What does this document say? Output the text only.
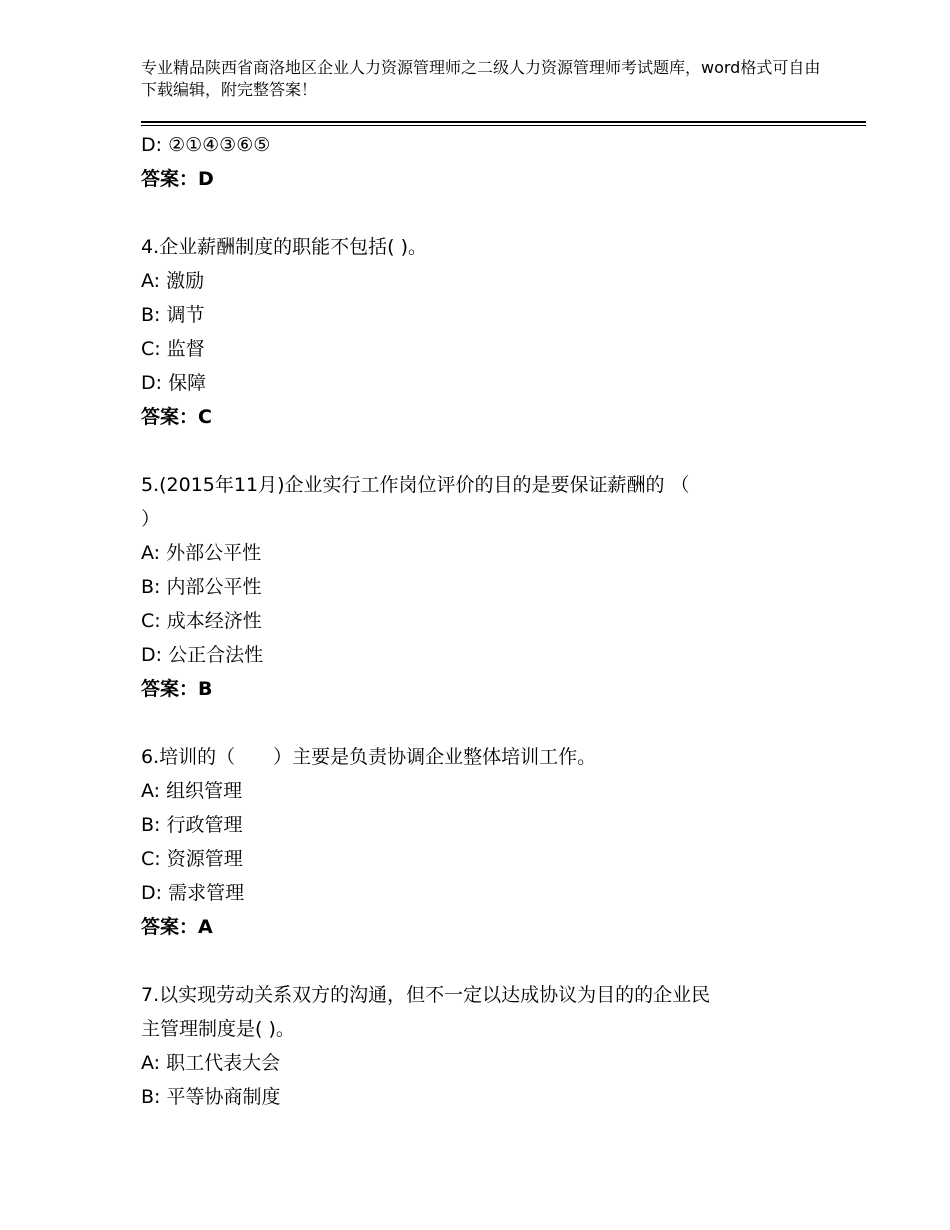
专业精品陕西省商洛地区企业人力资源管理师之二级人力资源管理师考试题库，word格式可自由下载编辑，附完整答案！
D: ②①④③⑥⑤
答案：D
4.企业薪酬制度的职能不包括( )。
A: 激励
B: 调节
C: 监督
D: 保障
答案：C
5.(2015年11月)企业实行工作岗位评价的目的是要保证薪酬的 （
）
A: 外部公平性
B: 内部公平性
C: 成本经济性
D: 公正合法性
答案：B
6.培训的（　　）主要是负责协调企业整体培训工作。
A: 组织管理
B: 行政管理
C: 资源管理
D: 需求管理
答案：A
7.以实现劳动关系双方的沟通，但不一定以达成协议为目的的企业民
主管理制度是( )。
A: 职工代表大会
B: 平等协商制度
